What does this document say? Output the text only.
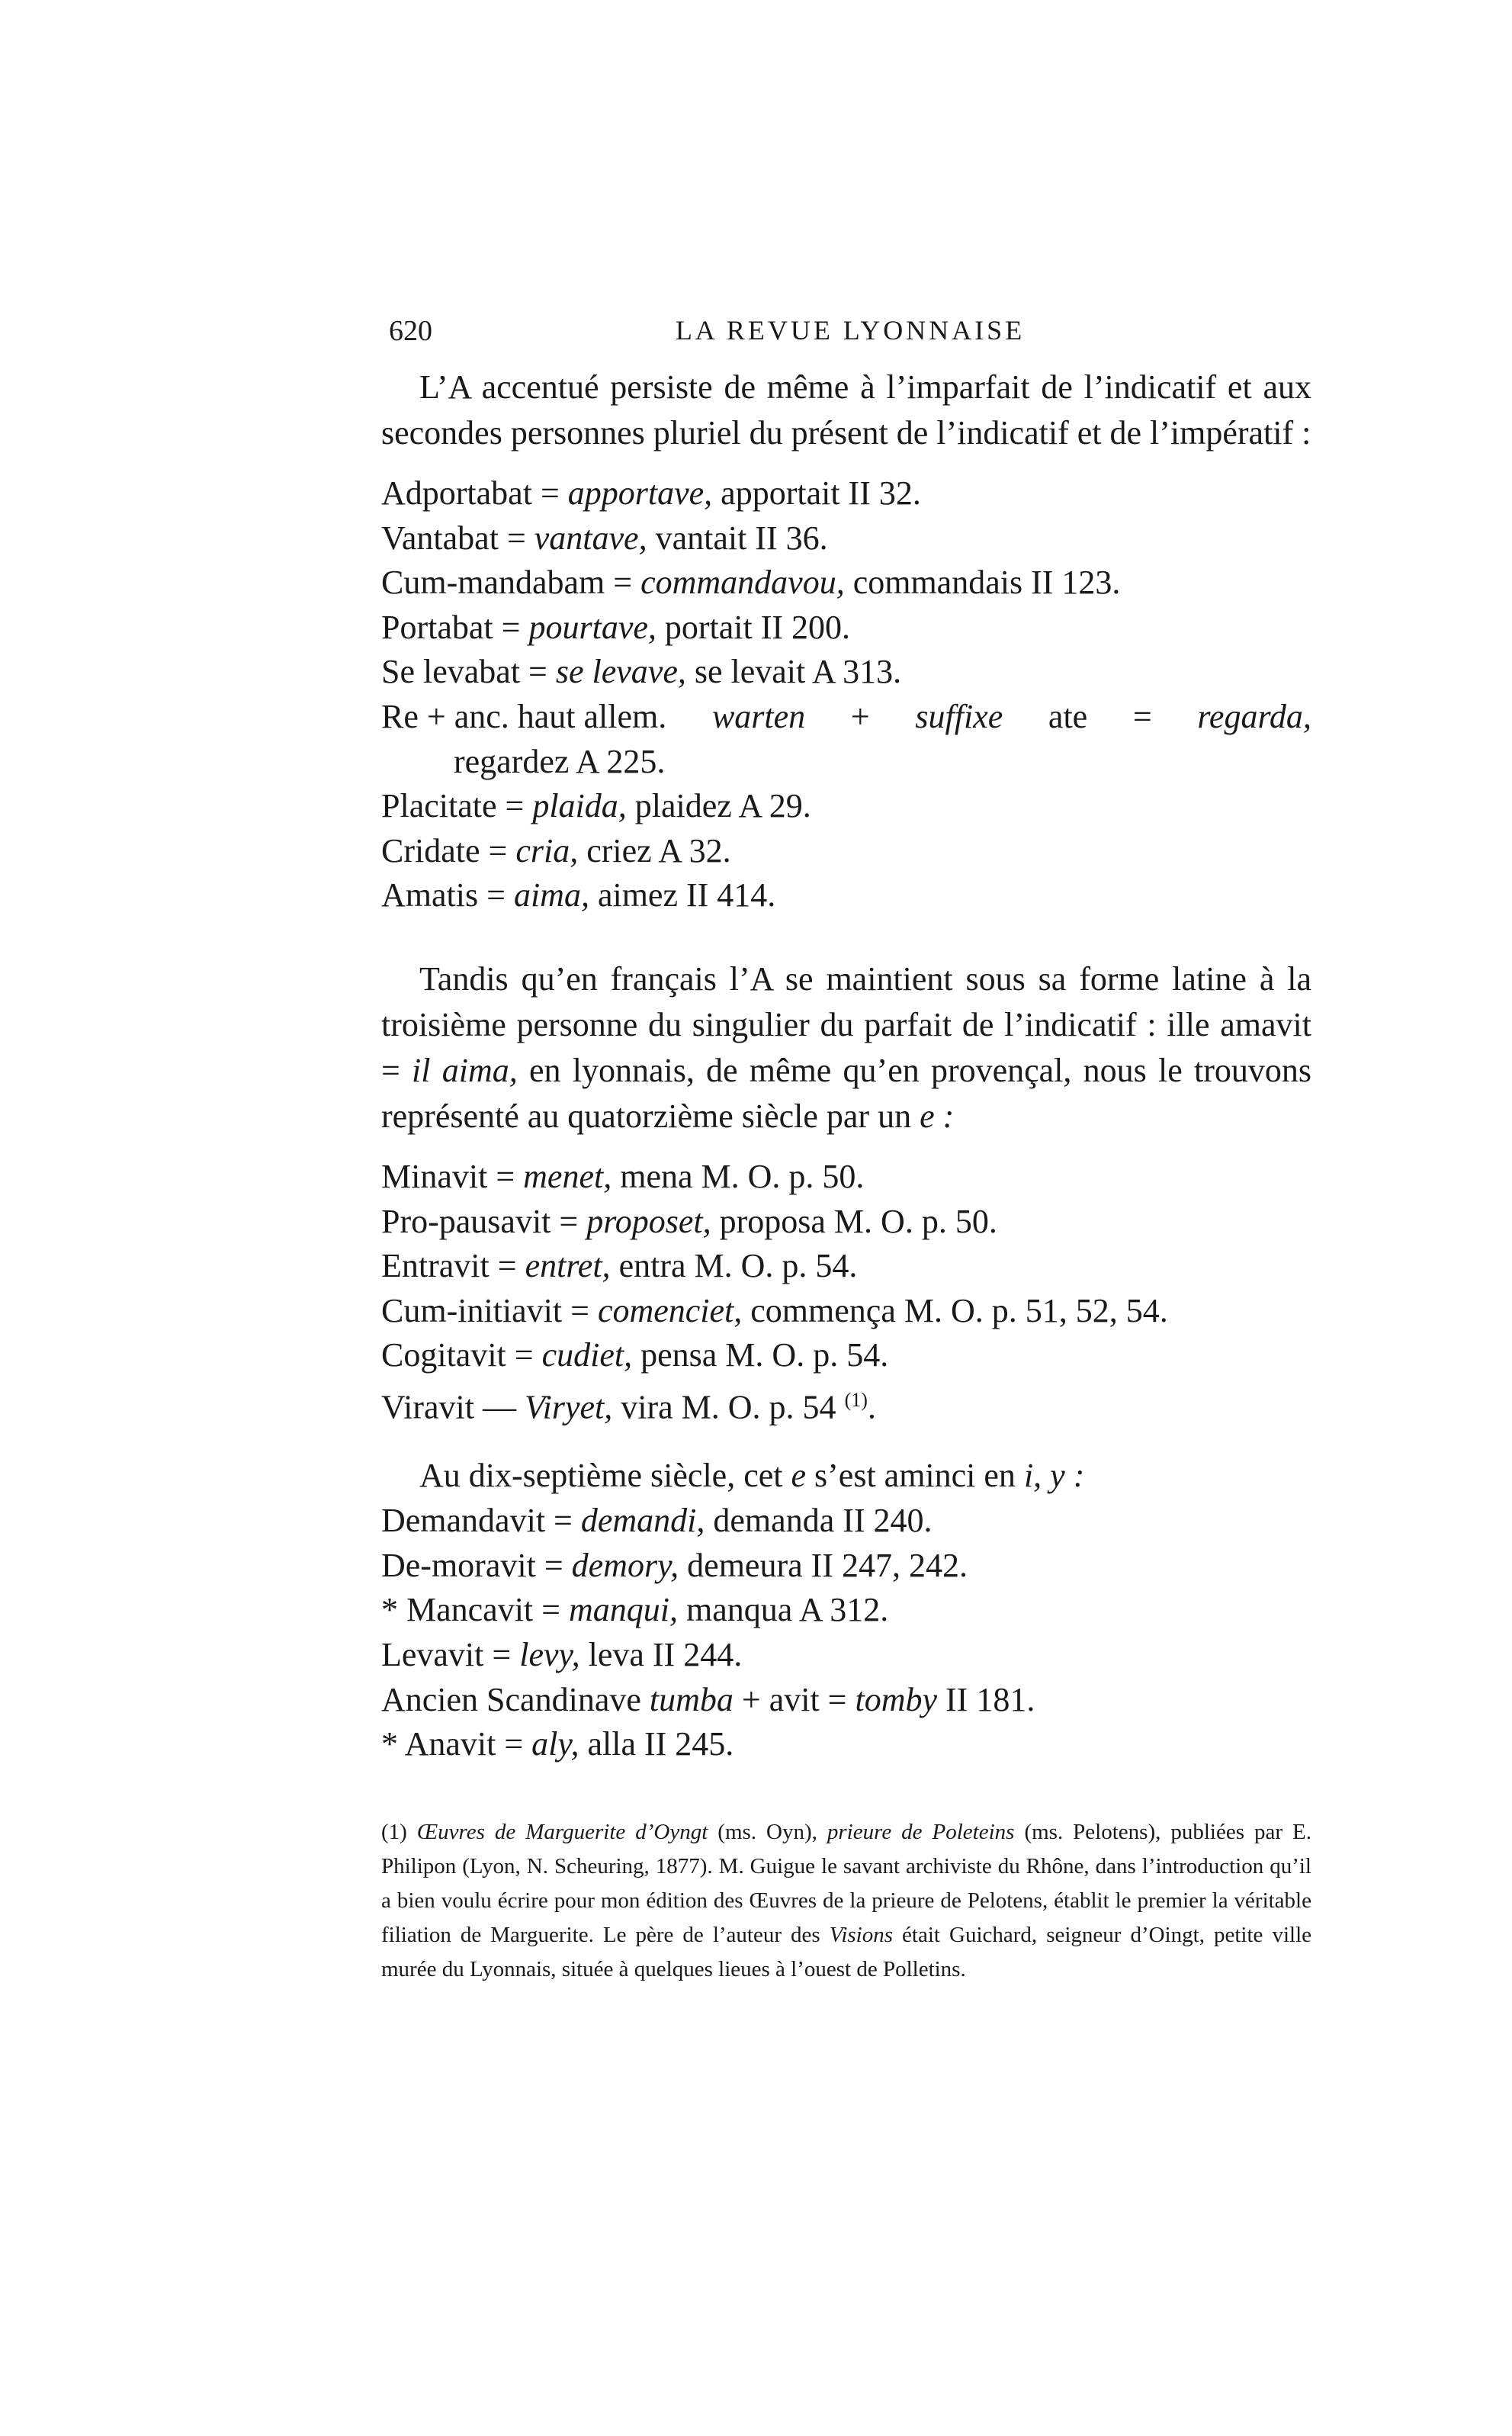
620	LA REVUE LYONNAISE

L’A accentué persiste de même à l’imparfait de l’indicatif et aux secondes personnes pluriel du présent de l’indicatif et de l’impératif :

Adportabat = apportave, apportait II 32.
Vantabat = vantave, vantait II 36.
Cum-mandabam = commandavou, commandais II 123.
Portabat = pourtave, portait II 200.
Se levabat = se levave, se levait A 313.
Re + anc. haut allem. warten + suffixe ate = regarda,
regardez A 225.
Placitate = plaida, plaidez A 29.
Cridate = cria, criez A 32.
Amatis = aima, aimez II 414.

Tandis qu’en français l’A se maintient sous sa forme latine à la troisième personne du singulier du parfait de l’indicatif : ille amavit = il aima, en lyonnais, de même qu’en provençal, nous le trouvons représenté au quatorzième siècle par un e :

Minavit = menet, mena M. O. p. 50.
Pro-pausavit = proposet, proposa M. O. p. 50.
Entravit = entret, entra M. O. p. 54.
Cum-initiavit = comenciet, commença M. O. p. 51, 52, 54.
Cogitavit = cudiet, pensa M. O. p. 54.
Viravit — Viryet, vira M. O. p. 54 $^{(1)}$.

Au dix-septième siècle, cet e s’est aminci en i, y :

Demandavit = demandi, demanda II 240.
De-moravit = demory, demeura II 247, 242.
* Mancavit = manqui, manqua A 312.
Levavit = levy, leva II 244.
Ancien Scandinave tumba + avit = tomby II 181.
* Anavit = aly, alla II 245.

(1) Œuvres de Marguerite d’Oyngt (ms. Oyn), prieure de Poleteins (ms. Pelotens), publiées par E. Philipon (Lyon, N. Scheuring, 1877). M. Guigue le savant archiviste du Rhône, dans l’introduction qu’il a bien voulu écrire pour mon édition des Œuvres de la prieure de Pelotens, établit le premier la véritable filiation de Marguerite. Le père de l’auteur des Visions était Guichard, seigneur d’Oingt, petite ville murée du Lyonnais, située à quelques lieues à l’ouest de Polletins.
